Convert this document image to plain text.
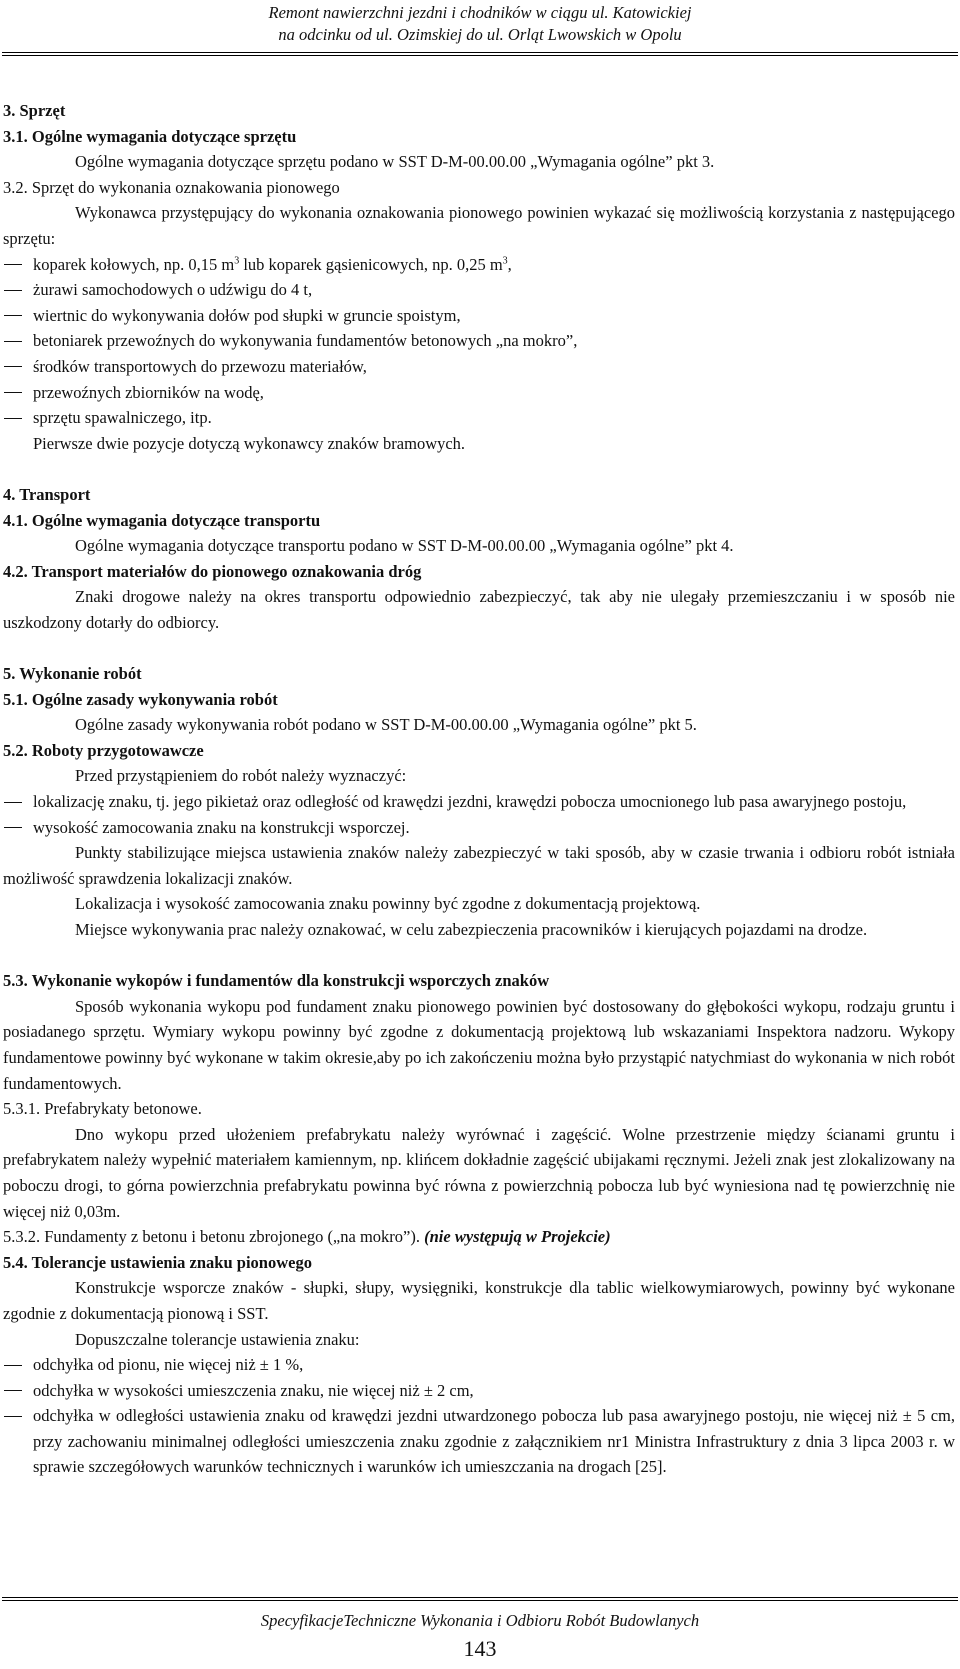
Remont nawierzchni jezdni i chodników w ciągu ul. Katowickiej
na odcinku od ul. Ozimskiej do ul. Orląt Lwowskich w Opolu

3. Sprzęt

3.1. Ogólne wymagania dotyczące sprzętu

Ogólne wymagania dotyczące sprzętu podano w SST D-M-00.00.00 „Wymagania ogólne” pkt 3.

3.2. Sprzęt do wykonania oznakowania pionowego

Wykonawca przystępujący do wykonania oznakowania pionowego powinien wykazać się możliwością korzystania z następującego sprzętu:

koparek kołowych, np. 0,15 $m^3$ lub koparek gąsienicowych, np. 0,25 $m^3$,

żurawi samochodowych o udźwigu do 4 t,

wiertnic do wykonywania dołów pod słupki w gruncie spoistym,

betoniarek przewoźnych do wykonywania fundamentów betonowych „na mokro”,

środków transportowych do przewozu materiałów,

przewoźnych zbiorników na wodę,

sprzętu spawalniczego, itp.

Pierwsze dwie pozycje dotyczą wykonawcy znaków bramowych.

4. Transport

4.1. Ogólne wymagania dotyczące transportu

Ogólne wymagania dotyczące transportu podano w SST D-M-00.00.00 „Wymagania ogólne” pkt 4.

4.2. Transport materiałów do pionowego oznakowania dróg

Znaki drogowe należy na okres transportu odpowiednio zabezpieczyć, tak aby nie ulegały przemieszczaniu i w sposób nie uszkodzony dotarły do odbiorcy.

5. Wykonanie robót

5.1. Ogólne zasady wykonywania robót

Ogólne zasady wykonywania robót podano w SST D-M-00.00.00 „Wymagania ogólne” pkt 5.

5.2. Roboty przygotowawcze

Przed przystąpieniem do robót należy wyznaczyć:

lokalizację znaku, tj. jego pikietaż oraz odległość od krawędzi jezdni, krawędzi pobocza umocnionego lub pasa awaryjnego postoju,

wysokość zamocowania znaku na konstrukcji wsporczej.

Punkty stabilizujące miejsca ustawienia znaków należy zabezpieczyć w taki sposób, aby w czasie trwania i odbioru robót istniała możliwość sprawdzenia lokalizacji znaków.

Lokalizacja i wysokość zamocowania znaku powinny być zgodne z dokumentacją projektową.

Miejsce wykonywania prac należy oznakować, w celu zabezpieczenia pracowników i kierujących pojazdami na drodze.

5.3. Wykonanie wykopów i fundamentów dla konstrukcji wsporczych znaków

Sposób wykonania wykopu pod fundament znaku pionowego powinien być dostosowany do głębokości wykopu, rodzaju gruntu i posiadanego sprzętu. Wymiary wykopu powinny być zgodne z dokumentacją projektową lub wskazaniami Inspektora nadzoru. Wykopy fundamentowe powinny być wykonane w takim okresie,aby po ich zakończeniu można było przystąpić natychmiast do wykonania w nich robót fundamentowych.

5.3.1. Prefabrykaty betonowe.

Dno wykopu przed ułożeniem prefabrykatu należy wyrównać i zagęścić. Wolne przestrzenie między ścianami gruntu i prefabrykatem należy wypełnić materiałem kamiennym, np. klińcem dokładnie zagęścić ubijakami ręcznymi. Jeżeli znak jest zlokalizowany na poboczu drogi, to górna powierzchnia prefabrykatu powinna być równa z powierzchnią pobocza lub być wyniesiona nad tę powierzchnię nie więcej niż 0,03m.

5.3.2. Fundamenty z betonu i betonu zbrojonego („na mokro”). (nie występują w Projekcie)

5.4. Tolerancje ustawienia znaku pionowego

Konstrukcje wsporcze znaków - słupki, słupy, wysięgniki, konstrukcje dla tablic wielkowymiarowych, powinny być wykonane zgodnie z dokumentacją pionową i SST.

Dopuszczalne tolerancje ustawienia znaku:

odchyłka od pionu, nie więcej niż ± 1 %,

odchyłka w wysokości umieszczenia znaku, nie więcej niż ± 2 cm,

odchyłka w odległości ustawienia znaku od krawędzi jezdni utwardzonego pobocza lub pasa awaryjnego postoju, nie więcej niż ± 5 cm, przy zachowaniu minimalnej odległości umieszczenia znaku zgodnie z załącznikiem nr1 Ministra Infrastruktury z dnia 3 lipca 2003 r. w sprawie szczegółowych warunków technicznych i warunków ich umieszczania na drogach [25].

SpecyfikacjeTechniczne Wykonania i Odbioru Robót Budowlanych
143
